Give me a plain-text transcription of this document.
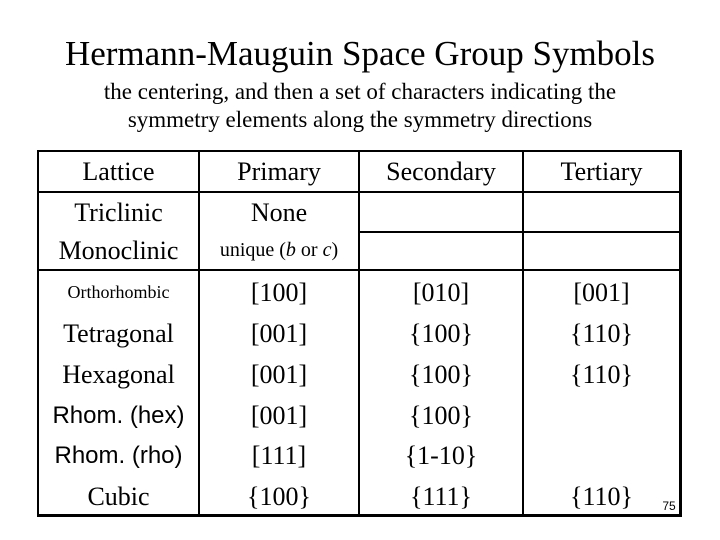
Hermann-Mauguin Space Group Symbols
the centering, and then a set of characters indicating the
symmetry elements along the symmetry directions
Lattice	Primary	Secondary	Tertiary
Triclinic	None		
Monoclinic	unique (b or c)		
Orthorhombic	[100]	[010]	[001]
Tetragonal	[001]	{100}	{110}
Hexagonal	[001]	{100}	{110}
Rhom. (hex)	[001]	{100}	
Rhom. (rho)	[111]	{1-10}	
Cubic	{100}	{111}	{110}	75
